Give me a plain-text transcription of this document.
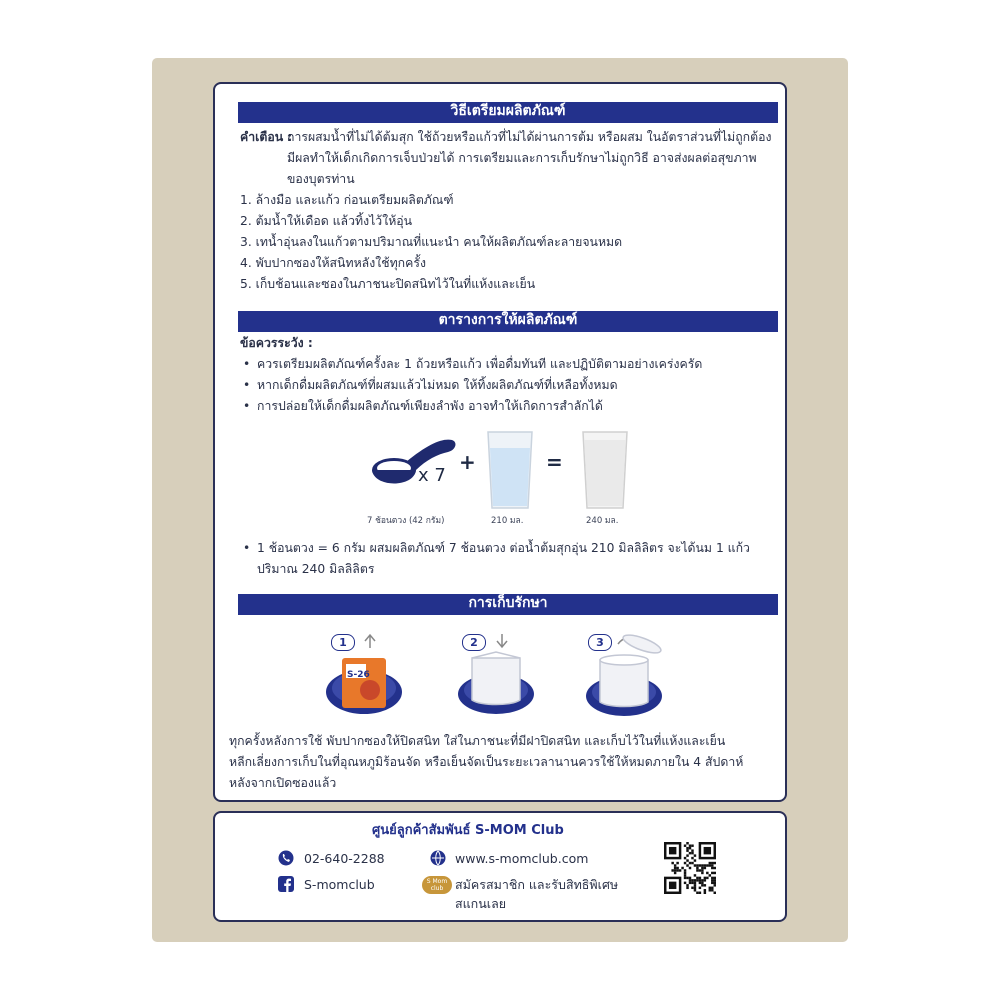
วิธีเตรียมผลิตภัณฑ์
คำเตือน :
การผสมน้ำที่ไม่ได้ต้มสุก ใช้ถ้วยหรือแก้วที่ไม่ได้ผ่านการต้ม หรือผสม ในอัตราส่วนที่ไม่ถูกต้อง
มีผลทำให้เด็กเกิดการเจ็บป่วยได้ การเตรียมและการเก็บรักษาไม่ถูกวิธี อาจส่งผลต่อสุขภาพ
ของบุตรท่าน
1. ล้างมือ และแก้ว ก่อนเตรียมผลิตภัณฑ์
2. ต้มน้ำให้เดือด แล้วทิ้งไว้ให้อุ่น
3. เทน้ำอุ่นลงในแก้วตามปริมาณที่แนะนำ คนให้ผลิตภัณฑ์ละลายจนหมด
4. พับปากซองให้สนิทหลังใช้ทุกครั้ง
5. เก็บช้อนและซองในภาชนะปิดสนิทไว้ในที่แห้งและเย็น
ตารางการให้ผลิตภัณฑ์
ข้อควรระวัง :
• ควรเตรียมผลิตภัณฑ์ครั้งละ 1 ถ้วยหรือแก้ว เพื่อดื่มทันที และปฏิบัติตามอย่างเคร่งครัด
• หากเด็กดื่มผลิตภัณฑ์ที่ผสมแล้วไม่หมด ให้ทิ้งผลิตภัณฑ์ที่เหลือทั้งหมด
• การปล่อยให้เด็กดื่มผลิตภัณฑ์เพียงลำพัง อาจทำให้เกิดการสำลักได้
x 7
+	=
7 ช้อนตวง (42 กรัม)	210 มล.	240 มล.
• 1 ช้อนตวง = 6 กรัม ผสมผลิตภัณฑ์ 7 ช้อนตวง ต่อน้ำต้มสุกอุ่น 210 มิลลิลิตร จะได้นม 1 แก้ว
ปริมาณ 240 มิลลิลิตร
การเก็บรักษา
1
S-26
2	3
ทุกครั้งหลังการใช้ พับปากซองให้ปิดสนิท ใส่ในภาชนะที่มีฝาปิดสนิท และเก็บไว้ในที่แห้งและเย็น
หลีกเลี่ยงการเก็บในที่อุณหภูมิร้อนจัด หรือเย็นจัดเป็นระยะเวลานานควรใช้ให้หมดภายใน 4 สัปดาห์
หลังจากเปิดซองแล้ว
ศูนย์ลูกค้าสัมพันธ์ S-MOM Club
02-640-2288	www.s-momclub.com
S-momclub	S Mom club สมัครสมาชิก และรับสิทธิพิเศษ
สแกนเลย
